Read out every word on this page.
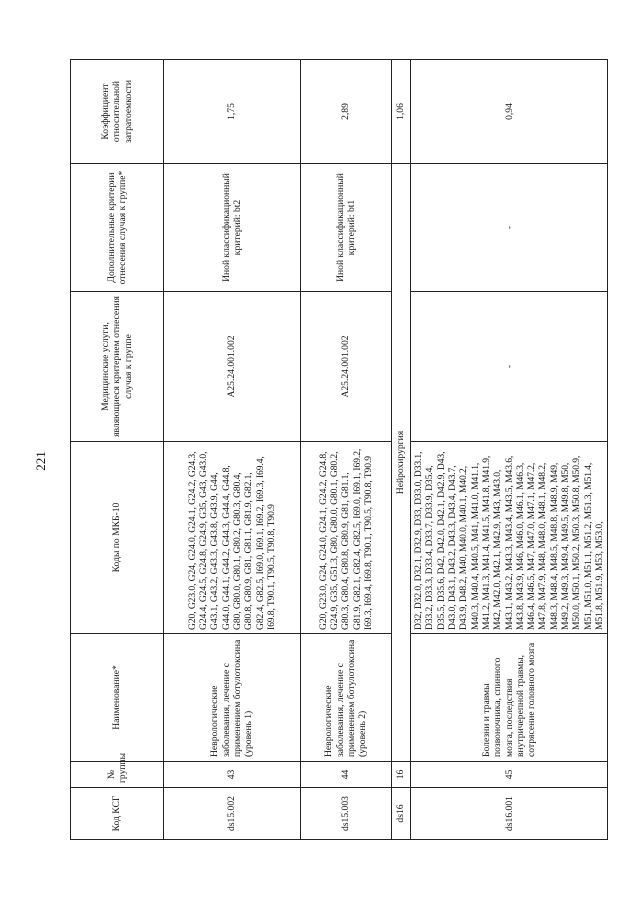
221
Код КСГ	№ группы	Наименование*	Коды по МКБ-10	Медицинские услуги, являющиеся критерием отнесения случая к группе	Дополнительные критерии отнесения случая к группе*	Коэффициент относительной затратоемкости
ds15.002	43	Неврологические заболевания, лечение с применением ботулотоксина (уровень 1)	G20, G23.0, G24, G24.0, G24.1, G24.2, G24.3, G24.4, G24.5, G24.8, G24.9, G35, G43, G43.0, G43.1, G43.2, G43.3, G43.8, G43.9, G44, G44.0, G44.1, G44.2, G44.3, G44.4, G44.8, G80, G80.0, G80.1, G80.2, G80.3, G80.4, G80.8, G80.9, G81, G81.1, G81.9, G82.1, G82.4, G82.5, I69.0, I69.1, I69.2, I69.3, I69.4, I69.8, T90.1, T90.5, T90.8, T90.9	A25.24.001.002	Иной классификационный критерий: bt2	1,75
ds15.003	44	Неврологические заболевания, лечение с применением ботулотоксина (уровень 2)	G20, G23.0, G24, G24.0, G24.1, G24.2, G24.8, G24.9, G35, G51.3, G80, G80.0, G80.1, G80.2, G80.3, G80.4, G80.8, G80.9, G81, G81.1, G81.9, G82.1, G82.4, G82.5, I69.0, I69.1, I69.2, I69.3, I69.4, I69.8, T90.1, T90.5, T90.8, T90.9	A25.24.001.002	Иной классификационный критерий: bt1	2,89
ds16	16	Нейрохирургия				1,06
ds16.001	45	Болезни и травмы позвоночника, спинного мозга, последствия внутричерепной травмы, сотрясение головного мозга	D32, D32.0, D32.1, D32.9, D33, D33.0, D33.1, D33.2, D33.3, D33.4, D33.7, D33.9, D35.4, D35.5, D35.6, D42, D42.0, D42.1, D42.9, D43, D43.0, D43.1, D43.2, D43.3, D43.4, D43.7, D43.9, D48.2, M40, M40.0, M40.1, M40.2, M40.3, M40.4, M40.5, M41, M41.0, M41.1, M41.2, M41.3, M41.4, M41.5, M41.8, M41.9, M42, M42.0, M42.1, M42.9, M43, M43.0, M43.1, M43.2, M43.3, M43.4, M43.5, M43.6, M43.8, M43.9, M46, M46.0, M46.1, M46.3, M46.4, M46.5, M47, M47.0, M47.1, M47.2, M47.8, M47.9, M48, M48.0, M48.1, M48.2, M48.3, M48.4, M48.5, M48.8, M48.9, M49, M49.2, M49.3, M49.4, M49.5, M49.8, M50, M50.0, M50.1, M50.2, M50.3, M50.8, M50.9, M51, M51.0, M51.1, M51.2, M51.3, M51.4, M51.8, M51.9, M53, M53.0,	-	-	0,94
